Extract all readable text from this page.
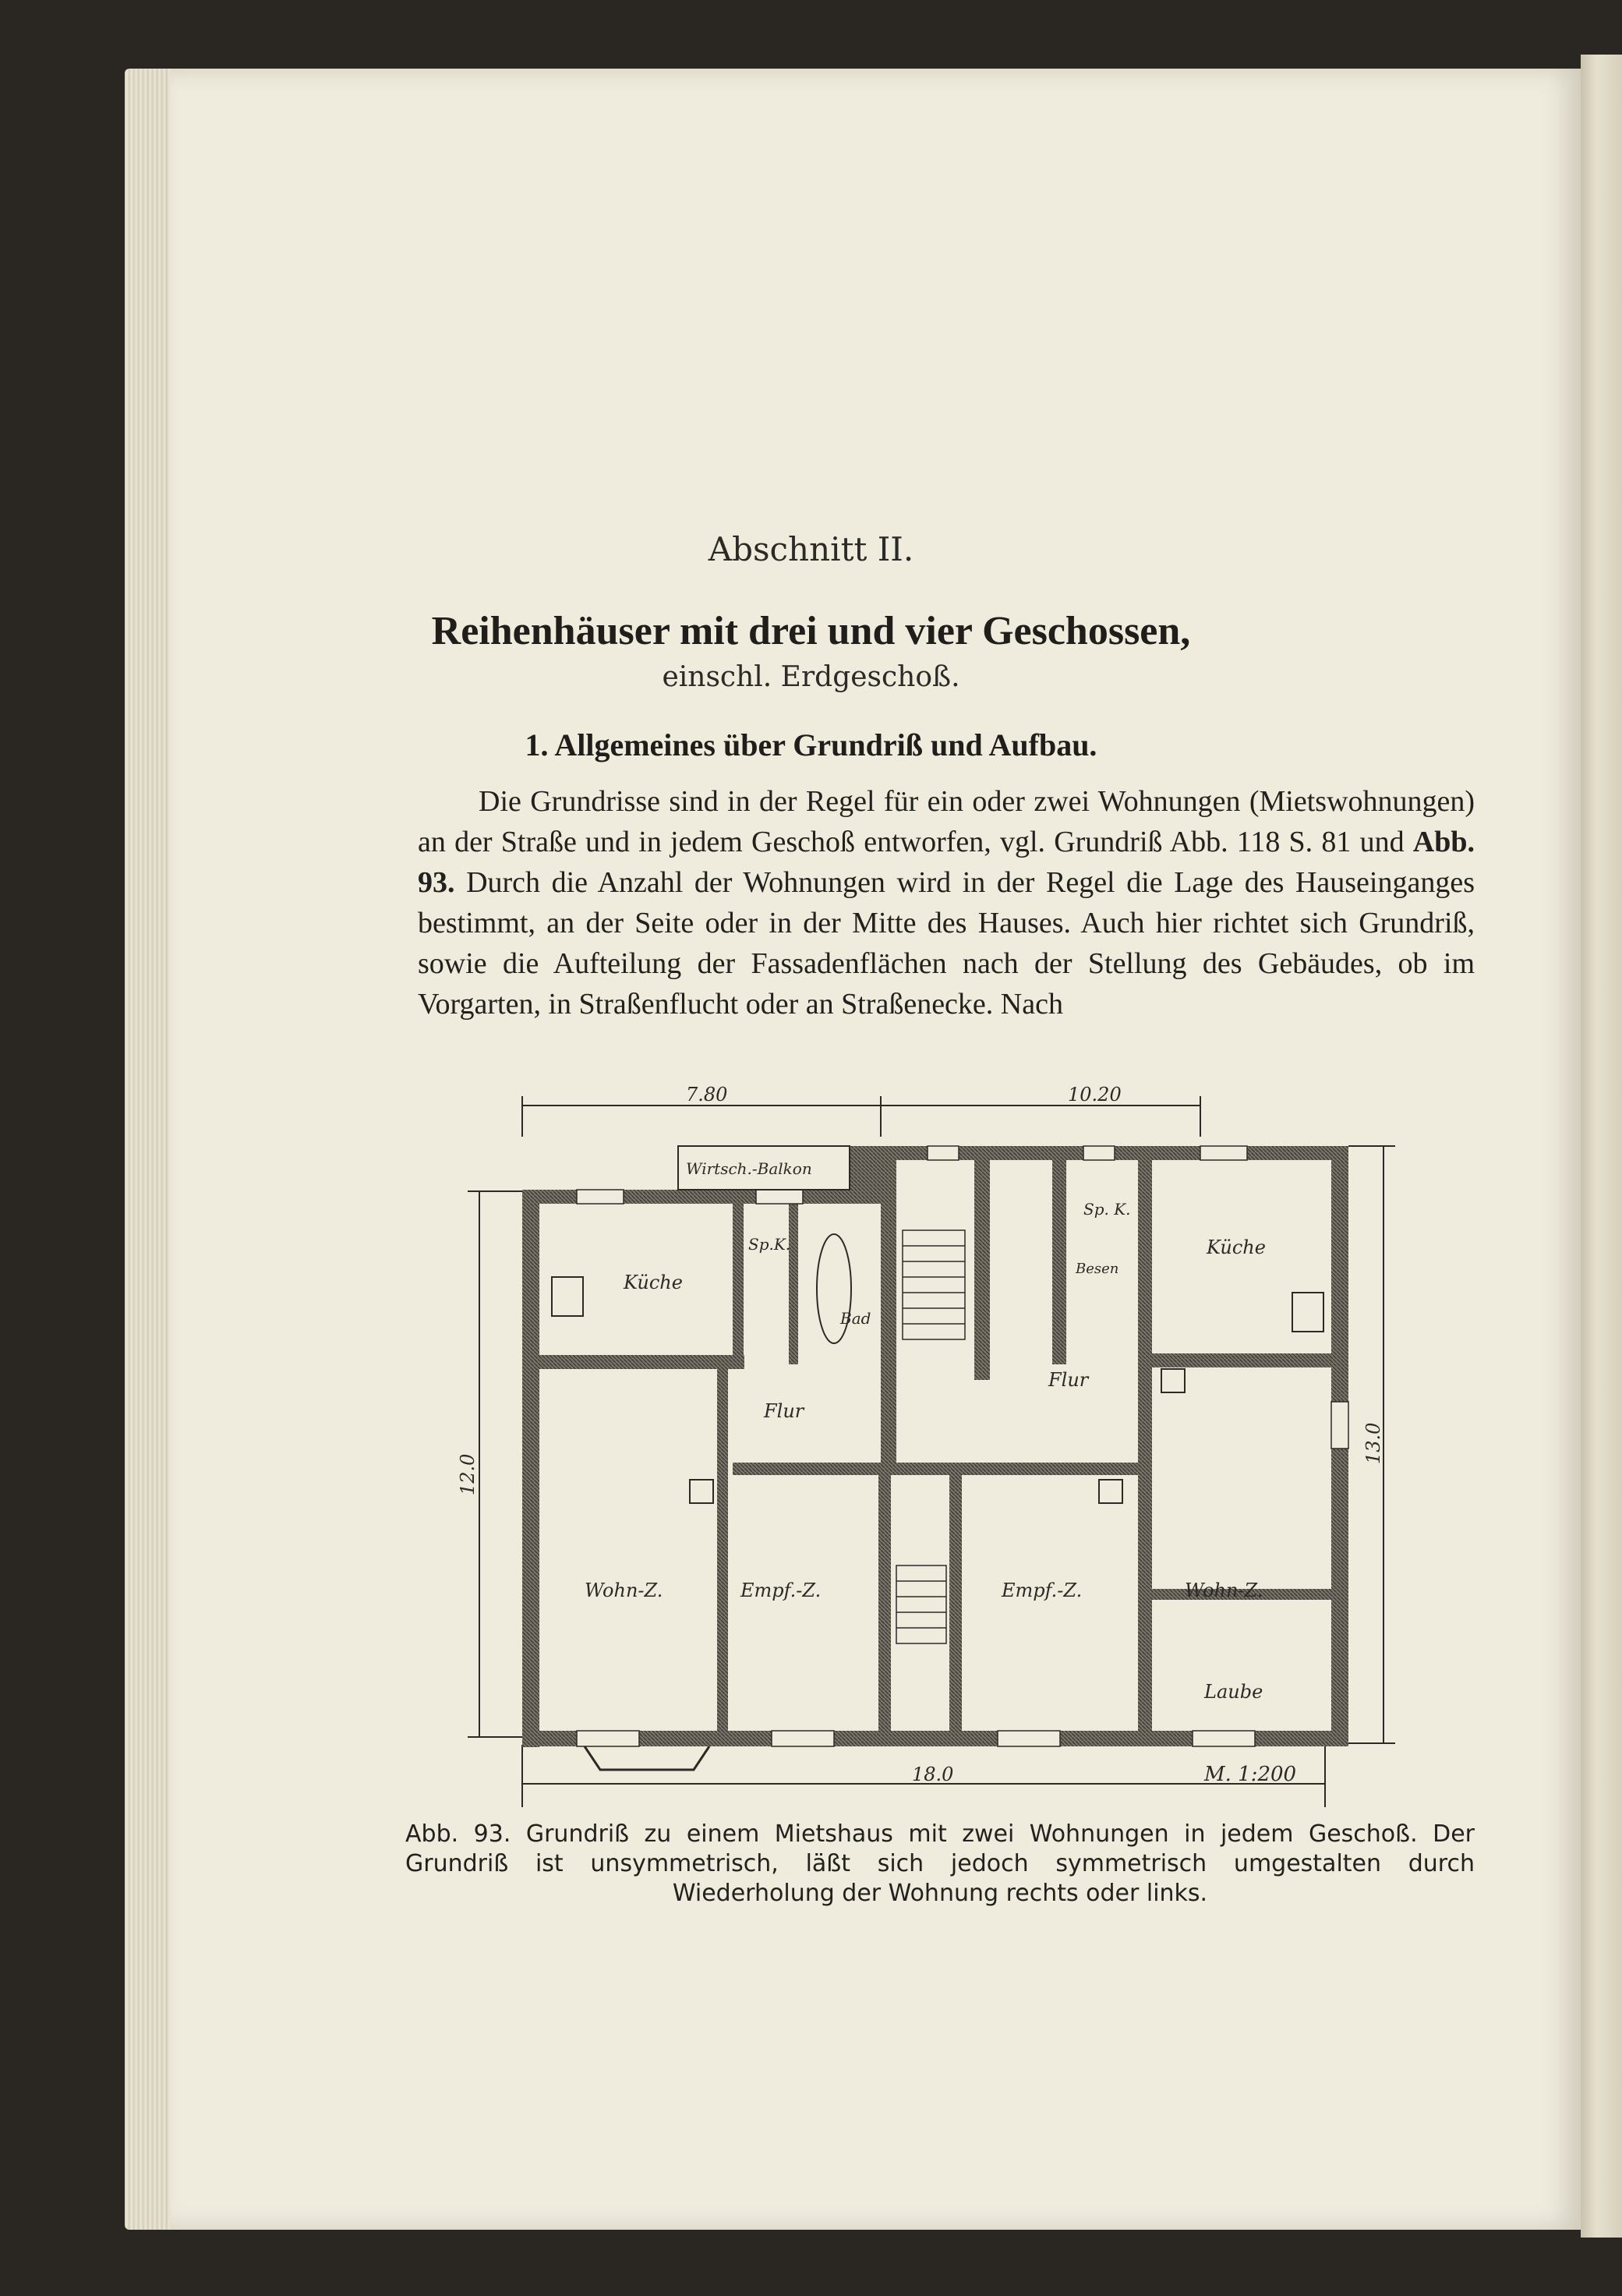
Abschnitt II.
Reihenhäuser mit drei und vier Geschossen,
einschl. Erdgeschoß.
1. Allgemeines über Grundriß und Aufbau.
Die Grundrisse sind in der Regel für ein oder zwei Wohnungen (Mietswohnungen) an der Straße und in jedem Geschoß entworfen, vgl. Grundriß Abb. 118 S. 81 und Abb. 93. Durch die Anzahl der Wohnungen wird in der Regel die Lage des Hauseinganges bestimmt, an der Seite oder in der Mitte des Hauses. Auch hier richtet sich Grundriß, sowie die Aufteilung der Fassadenflächen nach der Stellung des Gebäudes, ob im Vorgarten, in Straßenflucht oder an Straßenecke. Nach
7.80	10.20
18.0	M. 1:200
12.0
13.0
Wirtsch.-Balkon
Küche
Sp.K.
Bad
Flur
Wohn-Z.	Empf.-Z.
Sp. K.
Besen
Küche
Flur
Empf.-Z.	Wohn-Z.
Laube
Abb. 93. Grundriß zu einem Mietshaus mit zwei Wohnungen in jedem Geschoß. Der Grundriß ist unsymmetrisch, läßt sich jedoch symmetrisch umgestalten durch Wiederholung der Wohnung rechts oder links.
